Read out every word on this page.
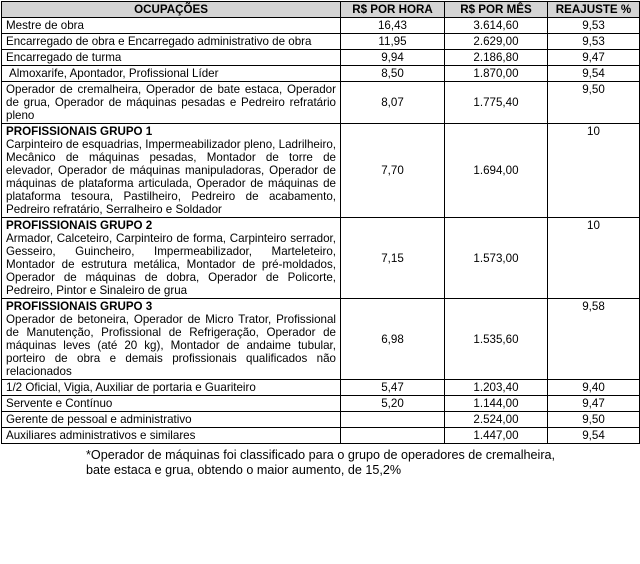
OCUPAÇÕES	R$ POR HORA	R$ POR MÊS	REAJUSTE %
Mestre de obra	16,43	3.614,60	9,53
Encarregado de obra e Encarregado administrativo de obra	11,95	2.629,00	9,53
Encarregado de turma	9,94	2.186,80	9,47
Almoxarife, Apontador, Profissional Líder	8,50	1.870,00	9,54
Operador de cremalheira, Operador de bate estaca, Operador de grua, Operador de máquinas pesadas e Pedreiro refratário pleno	8,07	1.775,40	9,50

PROFISSIONAIS GRUPO 1
Carpinteiro de esquadrias, Impermeabilizador pleno, Ladrilheiro, Mecânico de máquinas pesadas, Montador de torre de elevador, Operador de máquinas manipuladoras, Operador de máquinas de plataforma articulada, Operador de máquinas de plataforma tesoura, Pastilheiro, Pedreiro de acabamento, Pedreiro refratário, Serralheiro e Soldador	7,70	1.694,00	10

PROFISSIONAIS GRUPO 2
Armador, Calceteiro, Carpinteiro de forma, Carpinteiro serrador, Gesseiro, Guincheiro, Impermeabilizador, Marteleteiro, Montador de estrutura metálica, Montador de pré-moldados, Operador de máquinas de dobra, Operador de Policorte, Pedreiro, Pintor e Sinaleiro de grua	7,15	1.573,00	10

PROFISSIONAIS GRUPO 3
Operador de betoneira, Operador de Micro Trator, Profissional de Manutenção, Profissional de Refrigeração, Operador de máquinas leves (até 20 kg), Montador de andaime tubular, porteiro de obra e demais profissionais qualificados não relacionados	6,98	1.535,60	9,58
1/2 Oficial, Vigia, Auxiliar de portaria e Guariteiro	5,47	1.203,40	9,40
Servente e Contínuo	5,20	1.144,00	9,47
Gerente de pessoal e administrativo		2.524,00	9,50
Auxiliares administrativos e similares		1.447,00	9,54
*Operador de máquinas foi classificado para o grupo de operadores de cremalheira, bate estaca e grua, obtendo o maior aumento, de 15,2%
